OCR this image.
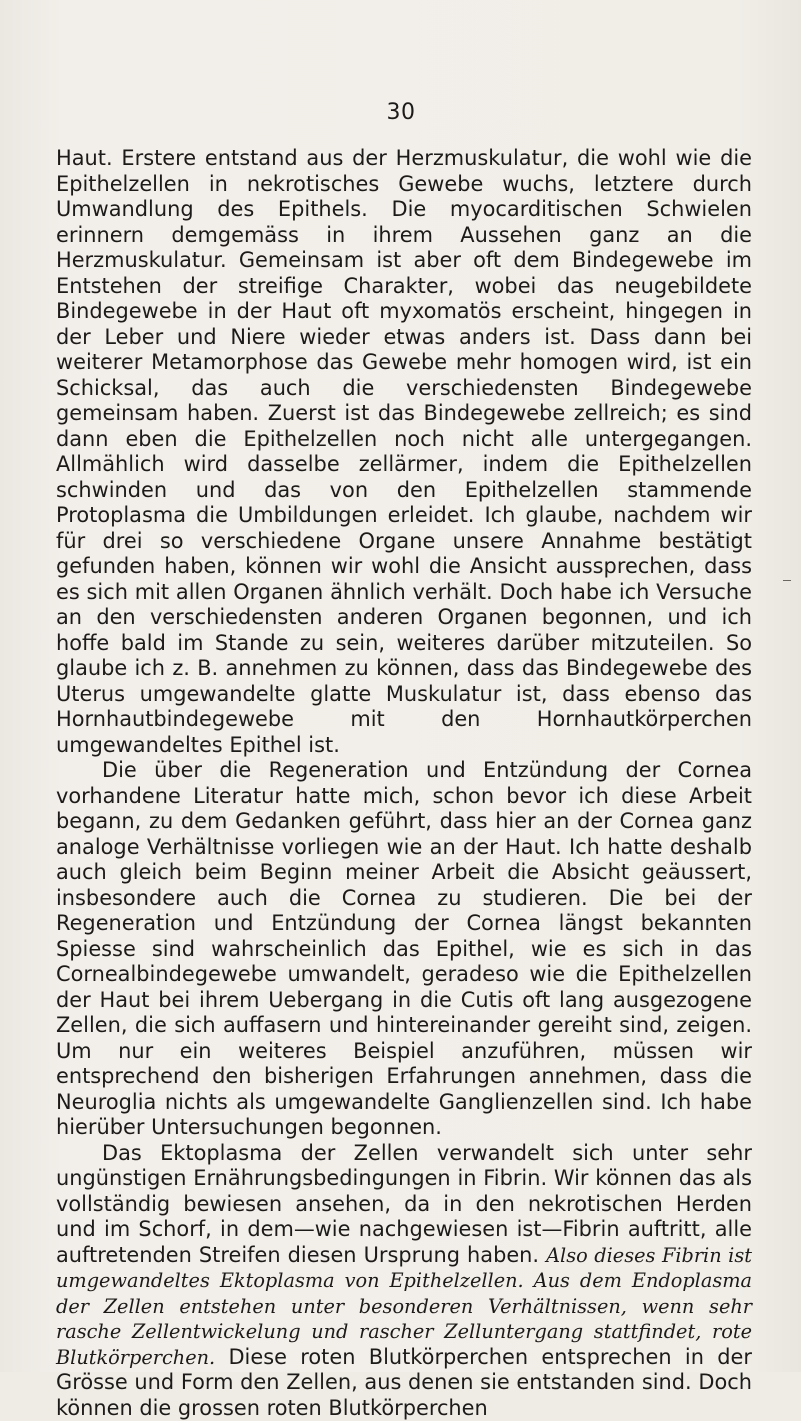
30

Haut. Erstere entstand aus der Herzmuskulatur, die wohl wie die Epithelzellen in nekrotisches Gewebe wuchs, letztere durch Umwandlung des Epithels. Die myocarditischen Schwielen erinnern demgemäss in ihrem Aussehen ganz an die Herzmuskulatur. Gemeinsam ist aber oft dem Bindegewebe im Entstehen der streifige Charakter, wobei das neugebildete Bindegewebe in der Haut oft myxomatös erscheint, hingegen in der Leber und Niere wieder etwas anders ist. Dass dann bei weiterer Metamorphose das Gewebe mehr homogen wird, ist ein Schicksal, das auch die verschiedensten Bindegewebe gemeinsam haben. Zuerst ist das Bindegewebe zellreich; es sind dann eben die Epithelzellen noch nicht alle untergegangen. Allmählich wird dasselbe zellärmer, indem die Epithelzellen schwinden und das von den Epithelzellen stammende Protoplasma die Umbildungen erleidet. Ich glaube, nachdem wir für drei so verschiedene Organe unsere Annahme bestätigt gefunden haben, können wir wohl die Ansicht aussprechen, dass es sich mit allen Organen ähnlich verhält. Doch habe ich Versuche an den verschiedensten anderen Organen begonnen, und ich hoffe bald im Stande zu sein, weiteres darüber mitzuteilen. So glaube ich z. B. annehmen zu können, dass das Bindegewebe des Uterus umgewandelte glatte Muskulatur ist, dass ebenso das Hornhautbindegewebe mit den Hornhautkörperchen umgewandeltes Epithel ist.

Die über die Regeneration und Entzündung der Cornea vorhandene Literatur hatte mich, schon bevor ich diese Arbeit begann, zu dem Gedanken geführt, dass hier an der Cornea ganz analoge Verhältnisse vorliegen wie an der Haut. Ich hatte deshalb auch gleich beim Beginn meiner Arbeit die Absicht geäussert, insbesondere auch die Cornea zu studieren. Die bei der Regeneration und Entzündung der Cornea längst bekannten Spiesse sind wahrscheinlich das Epithel, wie es sich in das Cornealbindegewebe umwandelt, geradeso wie die Epithelzellen der Haut bei ihrem Uebergang in die Cutis oft lang ausgezogene Zellen, die sich auffasern und hintereinander gereiht sind, zeigen. Um nur ein weiteres Beispiel anzuführen, müssen wir entsprechend den bisherigen Erfahrungen annehmen, dass die Neuroglia nichts als umgewandelte Ganglienzellen sind. Ich habe hierüber Untersuchungen begonnen.

Das Ektoplasma der Zellen verwandelt sich unter sehr ungünstigen Ernährungsbedingungen in Fibrin. Wir können das als vollständig bewiesen ansehen, da in den nekrotischen Herden und im Schorf, in dem—wie nachgewiesen ist—Fibrin auftritt, alle auftretenden Streifen diesen Ursprung haben. Also dieses Fibrin ist umgewandeltes Ektoplasma von Epithelzellen. Aus dem Endoplasma der Zellen entstehen unter besonderen Verhältnissen, wenn sehr rasche Zellentwickelung und rascher Zelluntergang stattfindet, rote Blutkörperchen. Diese roten Blutkörperchen entsprechen in der Grösse und Form den Zellen, aus denen sie entstanden sind. Doch können die grossen roten Blutkörperchen
